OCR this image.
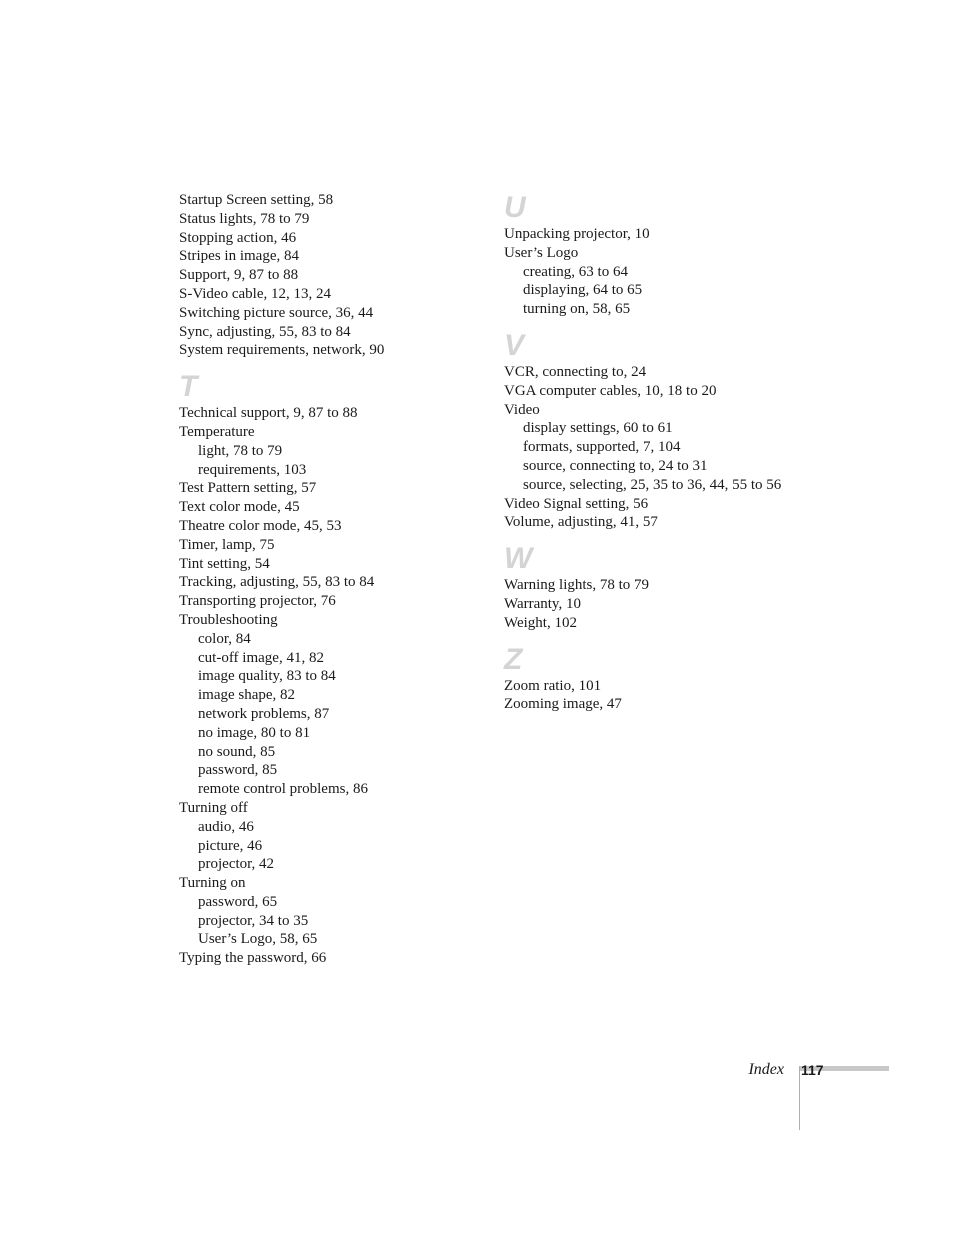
Startup Screen setting, 58
Status lights, 78 to 79
Stopping action, 46
Stripes in image, 84
Support, 9, 87 to 88
S-Video cable, 12, 13, 24
Switching picture source, 36, 44
Sync, adjusting, 55, 83 to 84
System requirements, network, 90
T
Technical support, 9, 87 to 88
Temperature
light, 78 to 79
requirements, 103
Test Pattern setting, 57
Text color mode, 45
Theatre color mode, 45, 53
Timer, lamp, 75
Tint setting, 54
Tracking, adjusting, 55, 83 to 84
Transporting projector, 76
Troubleshooting
color, 84
cut-off image, 41, 82
image quality, 83 to 84
image shape, 82
network problems, 87
no image, 80 to 81
no sound, 85
password, 85
remote control problems, 86
Turning off
audio, 46
picture, 46
projector, 42
Turning on
password, 65
projector, 34 to 35
User’s Logo, 58, 65
Typing the password, 66
U
Unpacking projector, 10
User’s Logo
creating, 63 to 64
displaying, 64 to 65
turning on, 58, 65
V
VCR, connecting to, 24
VGA computer cables, 10, 18 to 20
Video
display settings, 60 to 61
formats, supported, 7, 104
source, connecting to, 24 to 31
source, selecting, 25, 35 to 36, 44, 55 to 56
Video Signal setting, 56
Volume, adjusting, 41, 57
W
Warning lights, 78 to 79
Warranty, 10
Weight, 102
Z
Zoom ratio, 101
Zooming image, 47
Index 117
